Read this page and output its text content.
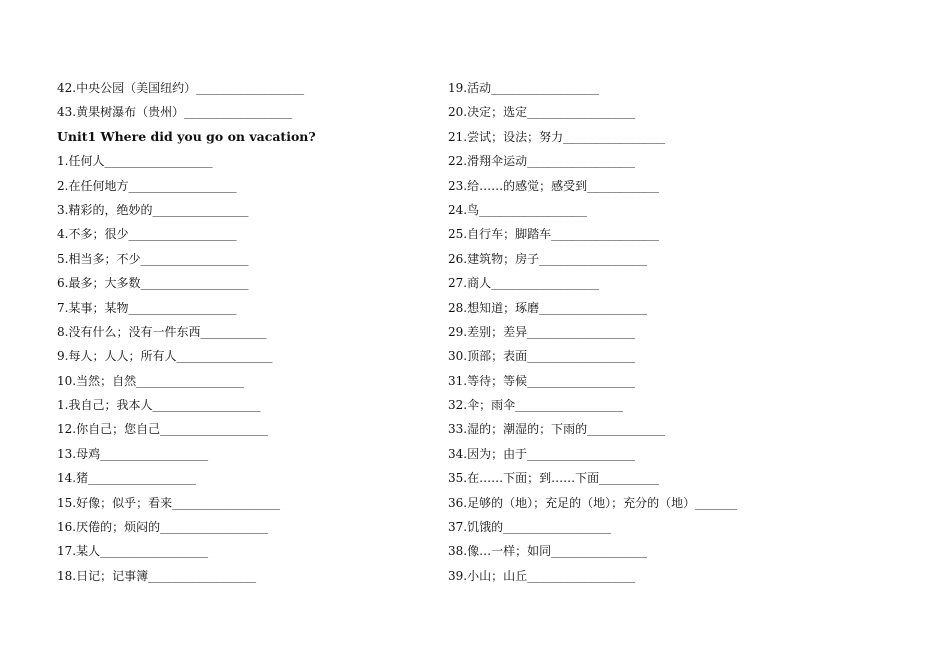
42.中央公园（美国纽约）__________________
43.黄果树瀑布（贵州）__________________
Unit1 Where did you go on vacation?
1.任何人__________________
2.在任何地方__________________
3.精彩的，绝妙的________________
4.不多；很少__________________
5.相当多；不少__________________
6.最多；大多数__________________
7.某事；某物__________________
8.没有什么；没有一件东西___________
9.每人；人人；所有人________________
10.当然；自然__________________
1.我自己；我本人__________________
12.你自己；您自己__________________
13.母鸡__________________
14.猪__________________
15.好像；似乎；看来__________________
16.厌倦的；烦闷的__________________
17.某人__________________
18.日记；记事簿__________________
19.活动__________________
20.决定；选定__________________
21.尝试；设法；努力_________________
22.滑翔伞运动__________________
23.给……的感觉；感受到____________
24.鸟__________________
25.自行车；脚踏车__________________
26.建筑物；房子__________________
27.商人__________________
28.想知道；琢磨__________________
29.差别；差异__________________
30.顶部；表面__________________
31.等待；等候__________________
32.伞；雨伞__________________
33.湿的；潮湿的；下雨的_____________
34.因为；由于__________________
35.在……下面；到……下面__________
36.足够的（地）；充足的（地）；充分的（地）_______
37.饥饿的__________________
38.像…一样；如同________________
39.小山；山丘__________________
